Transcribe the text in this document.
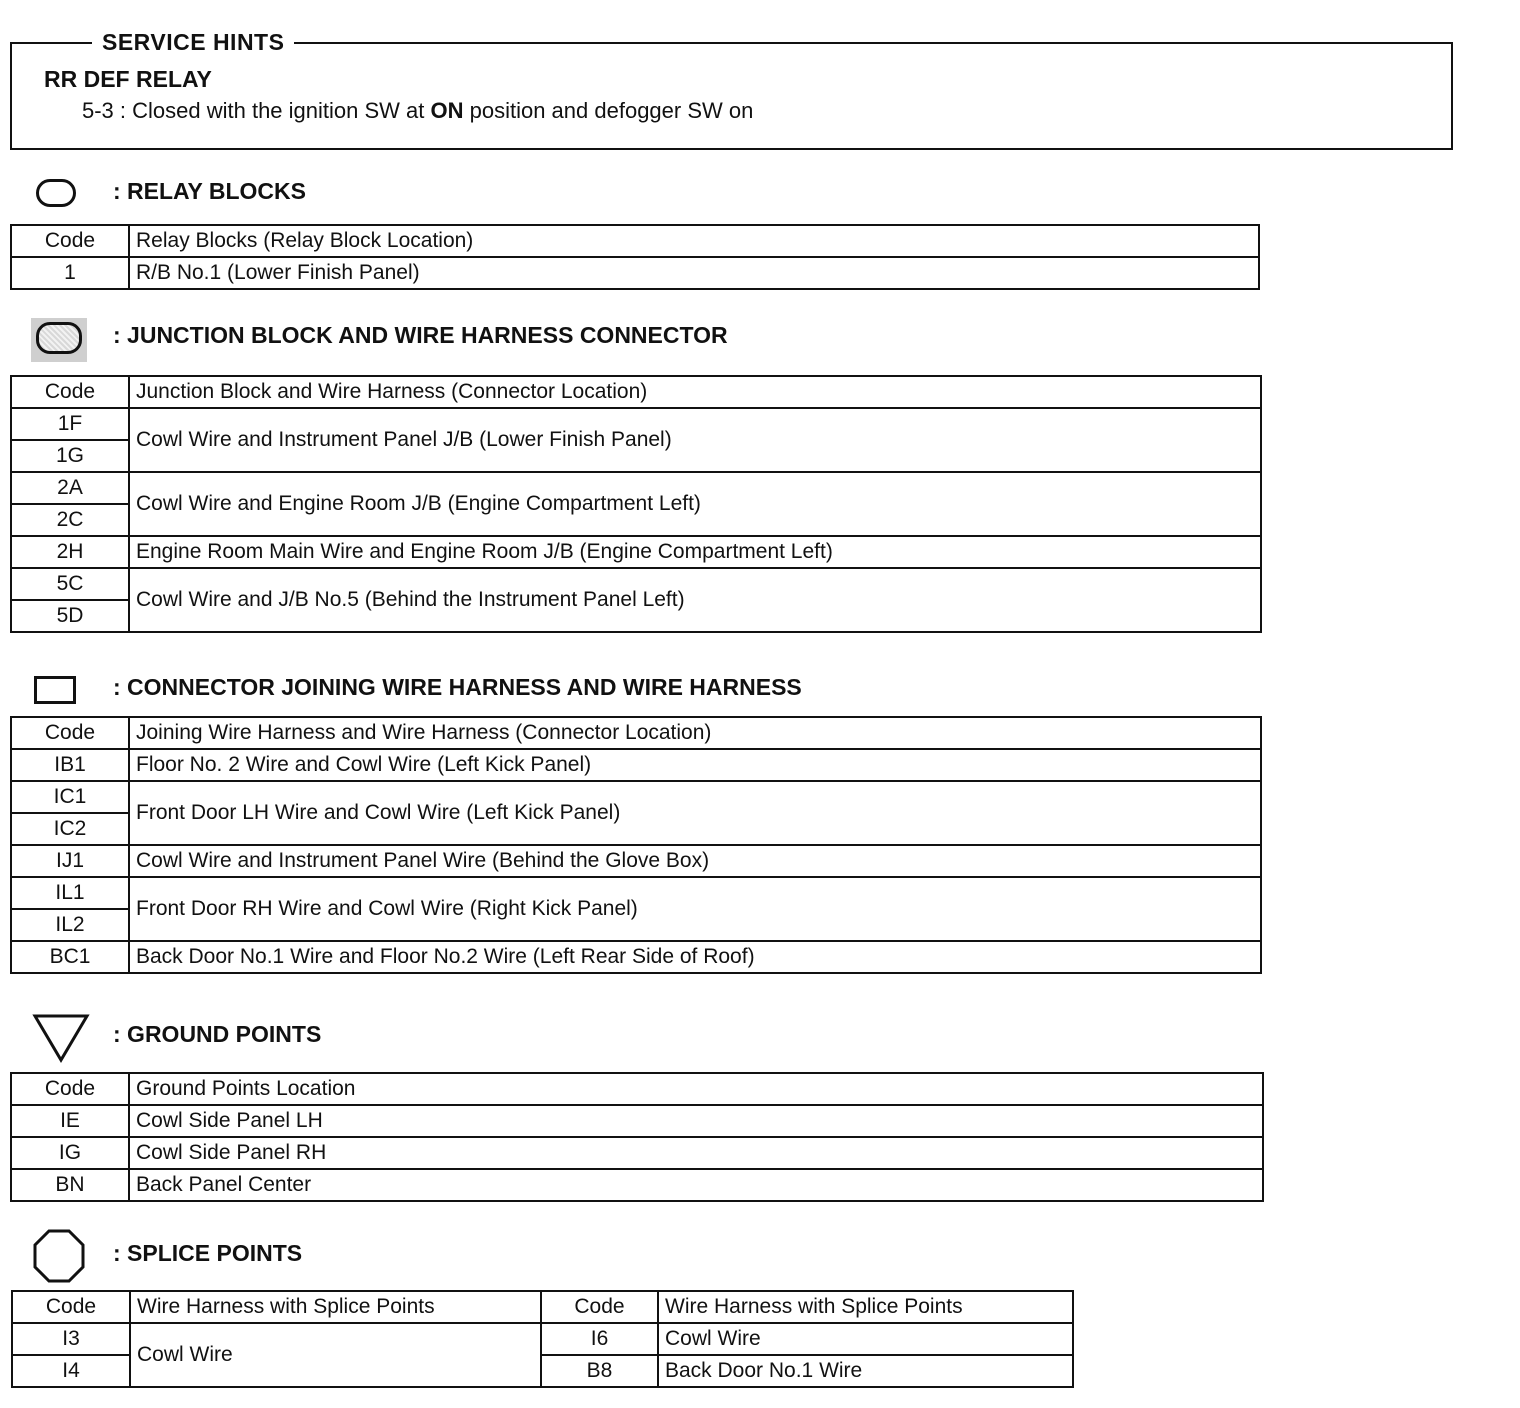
SERVICE HINTS
RR DEF RELAY
5-3 : Closed with the ignition SW at ON position and defogger SW on
: RELAY BLOCKS
Code	Relay Blocks (Relay Block Location)
1	R/B No.1 (Lower Finish Panel)
: JUNCTION BLOCK AND WIRE HARNESS CONNECTOR
Code	Junction Block and Wire Harness (Connector Location)
1F	Cowl Wire and Instrument Panel J/B (Lower Finish Panel)
1G	
2A	Cowl Wire and Engine Room J/B (Engine Compartment Left)
2C	
2H	Engine Room Main Wire and Engine Room J/B (Engine Compartment Left)
5C	Cowl Wire and J/B No.5 (Behind the Instrument Panel Left)
5D	
: CONNECTOR JOINING WIRE HARNESS AND WIRE HARNESS
Code	Joining Wire Harness and Wire Harness (Connector Location)
IB1	Floor No. 2 Wire and Cowl Wire (Left Kick Panel)
IC1	Front Door LH Wire and Cowl Wire (Left Kick Panel)
IC2	
IJ1	Cowl Wire and Instrument Panel Wire (Behind the Glove Box)
IL1	Front Door RH Wire and Cowl Wire (Right Kick Panel)
IL2	
BC1	Back Door No.1 Wire and Floor No.2 Wire (Left Rear Side of Roof)
: GROUND POINTS
Code	Ground Points Location
IE	Cowl Side Panel LH
IG	Cowl Side Panel RH
BN	Back Panel Center
: SPLICE POINTS
Code	Wire Harness with Splice Points	Code	Wire Harness with Splice Points
I3	Cowl Wire	I6	Cowl Wire
I4		B8	Back Door No.1 Wire
